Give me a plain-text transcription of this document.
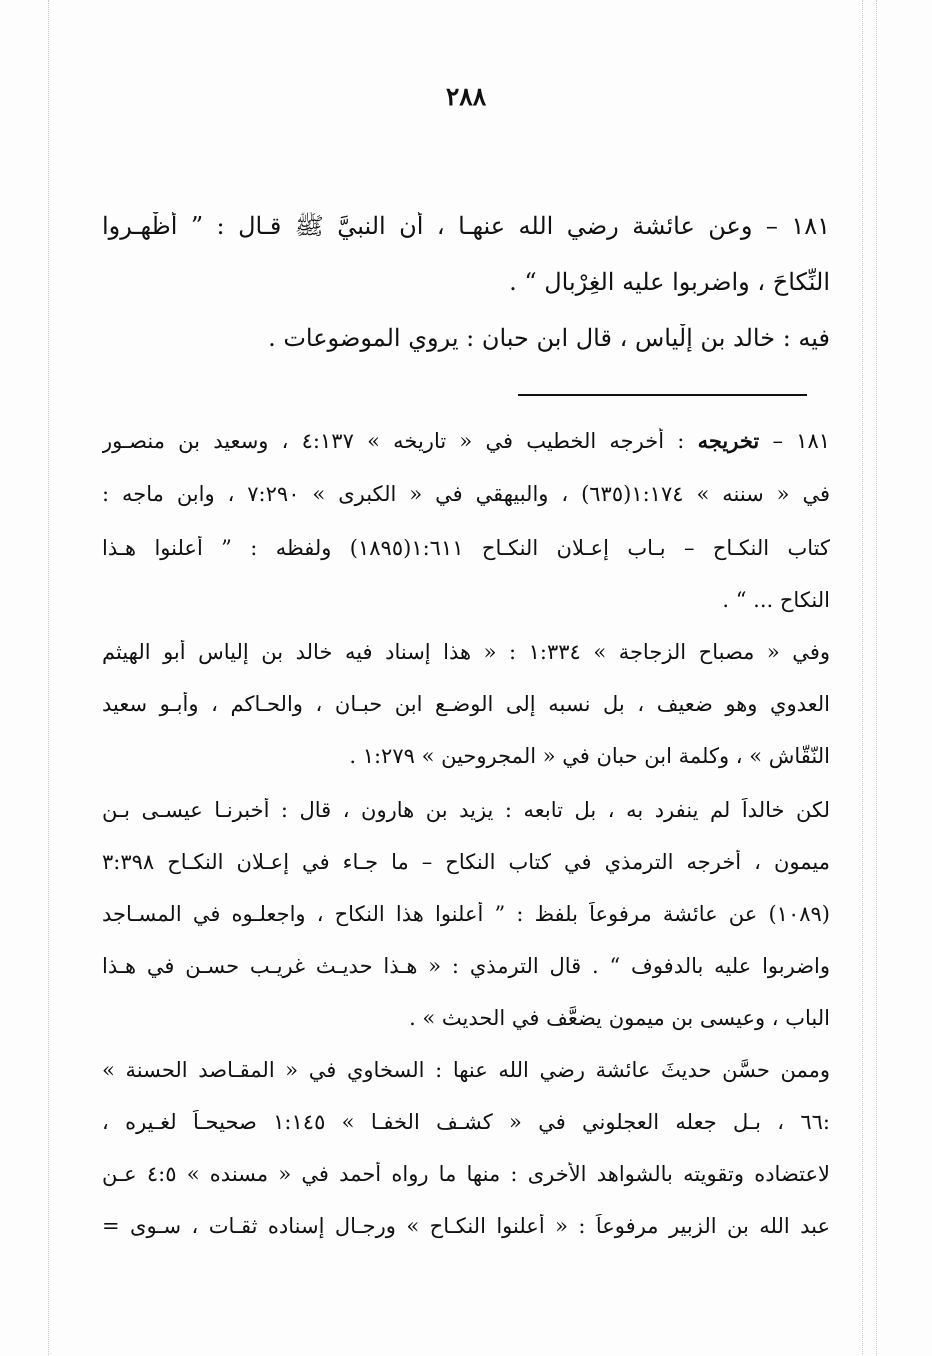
٢٨٨
١٨١ – وعن عائشة رضي الله عنهـا ، أن النبيَّ ﷺ قـال : ” أظْهـروا
النِّكاحَ ، واضربوا عليه الغِرْبال “ .
فيه : خالد بن إلْياس ، قال ابن حبان : يروي الموضوعات .
١٨١ – تخريجه : أخرجه الخطيب في « تاريخه » ٤:١٣٧ ، وسعيد بن منصـور
في « سننه » ١:١٧٤(٦٣٥) ، والبيهقي في « الكبرى » ٧:٢٩٠ ، وابن ماجه :
كتاب النكـاح – بـاب إعـلان النكـاح ١:٦١١(١٨٩٥) ولفظه : ” أعلنوا هـذا
النكاح ... “ .
وفي « مصباح الزجاجة » ١:٣٣٤ : « هذا إسناد فيه خالد بن إلياس أبو الهيثم
العدوي وهو ضعيف ، بل نسبه إلى الوضـع ابن حبـان ، والحـاكم ، وأبـو سعيد
النّقّاش » ، وكلمة ابن حبان في « المجروحين » ١:٢٧٩ .
لكن خالداً لم ينفرد به ، بل تابعه : يزيد بن هارون ، قال : أخبرنـا عيسـى بـن
ميمون ، أخرجه الترمذي في كتاب النكاح – ما جـاء في إعـلان النكـاح ٣:٣٩٨
(١٠٨٩) عن عائشة مرفوعاً بلفظ : ” أعلنوا هذا النكاح ، واجعلـوه في المسـاجد
واضربوا عليه بالدفوف “ . قال الترمذي : « هـذا حديـث غريـب حسـن في هـذا
الباب ، وعيسى بن ميمون يضعَّف في الحديث » .
وممن حسَّن حديثَ عائشة رضي الله عنها : السخاوي في « المقـاصد الحسنة »
:٦٦ ، بـل جعله العجلوني في « كشـف الخفـا » ١:١٤٥ صحيحـاً لغـيره ،
لاعتضاده وتقويته بالشواهد الأخرى : منها ما رواه أحمد في « مسنده » ٤:٥ عـن
عبد الله بن الزبير مرفوعاً : « أعلنوا النكـاح » ورجـال إسناده ثقـات ، سـوى =
